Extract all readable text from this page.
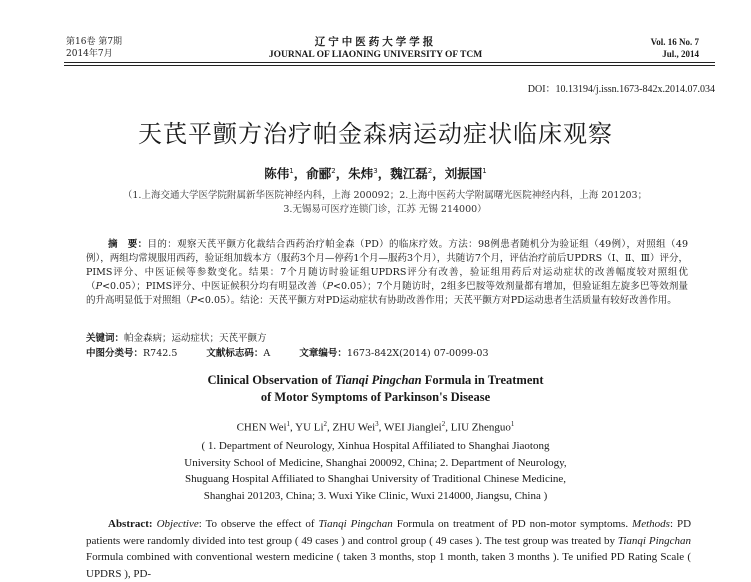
第16卷 第7期
2014年7月
辽宁中医药大学学报
JOURNAL OF LIAONING UNIVERSITY OF TCM
Vol. 16 No. 7
Jul., 2014
DOI：10.13194/j.issn.1673-842x.2014.07.034
天芪平颤方治疗帕金森病运动症状临床观察
陈伟$^1$，俞郦$^2$，朱炜$^3$，魏江磊$^2$，刘振国$^1$
（1.上海交通大学医学院附属新华医院神经内科，上海 200092；2.上海中医药大学附属曙光医院神经内科，上海 201203；
3.无锡易可医疗连锁门诊，江苏 无锡 214000）
摘　要：目的：观察天芪平颤方化裁结合西药治疗帕金森（PD）的临床疗效。方法：98例患者随机分为验证组（49例），对照组（49例），两组均常规服用西药，验证组加载本方（服药3个月—停药1个月—服药3个月），共随访7个月，评估治疗前后UPDRS（Ⅰ、Ⅱ、Ⅲ）评分，PIMS评分、中医证候等参数变化。结果：7个月随访时验证组UPDRS评分有改善，验证组用药后对运动症状的改善幅度较对照组优（P<0.05）；PIMS评分、中医证候积分均有明显改善（P<0.05）；7个月随访时，2组多巴胺等效剂量都有增加，但验证组左旋多巴等效剂量的升高明显低于对照组（P<0.05）。结论：天芪平颤方对PD运动症状有协助改善作用；天芪平颤方对PD运动患者生活质量有较好改善作用。
关键词：帕金森病；运动症状；天芪平颤方
中图分类号：R742.5	文献标志码：A	文章编号：1673-842X(2014) 07-0099-03
Clinical Observation of Tianqi Pingchan Formula in Treatment
of Motor Symptoms of Parkinson's Disease
CHEN Wei$^1$, YU Li$^2$, ZHU Wei$^3$, WEI Jianglei$^2$, LIU Zhenguo$^1$
( 1. Department of Neurology, Xinhua Hospital Affiliated to Shanghai Jiaotong
University School of Medicine, Shanghai 200092, China; 2. Department of Neurology,
Shuguang Hospital Affiliated to Shanghai University of Traditional Chinese Medicine,
Shanghai 201203, China; 3. Wuxi Yike Clinic, Wuxi 214000, Jiangsu, China )
Abstract: Objective: To observe the effect of Tianqi Pingchan Formula on treatment of PD non-motor symptoms. Methods: PD patients were randomly divided into test group ( 49 cases ) and control group ( 49 cases ). The test group was treated by Tianqi Pingchan Formula combined with conventional western medicine ( taken 3 months, stop 1 month, taken 3 months ). Te unified PD Rating Scale ( UPDRS ), PD-
